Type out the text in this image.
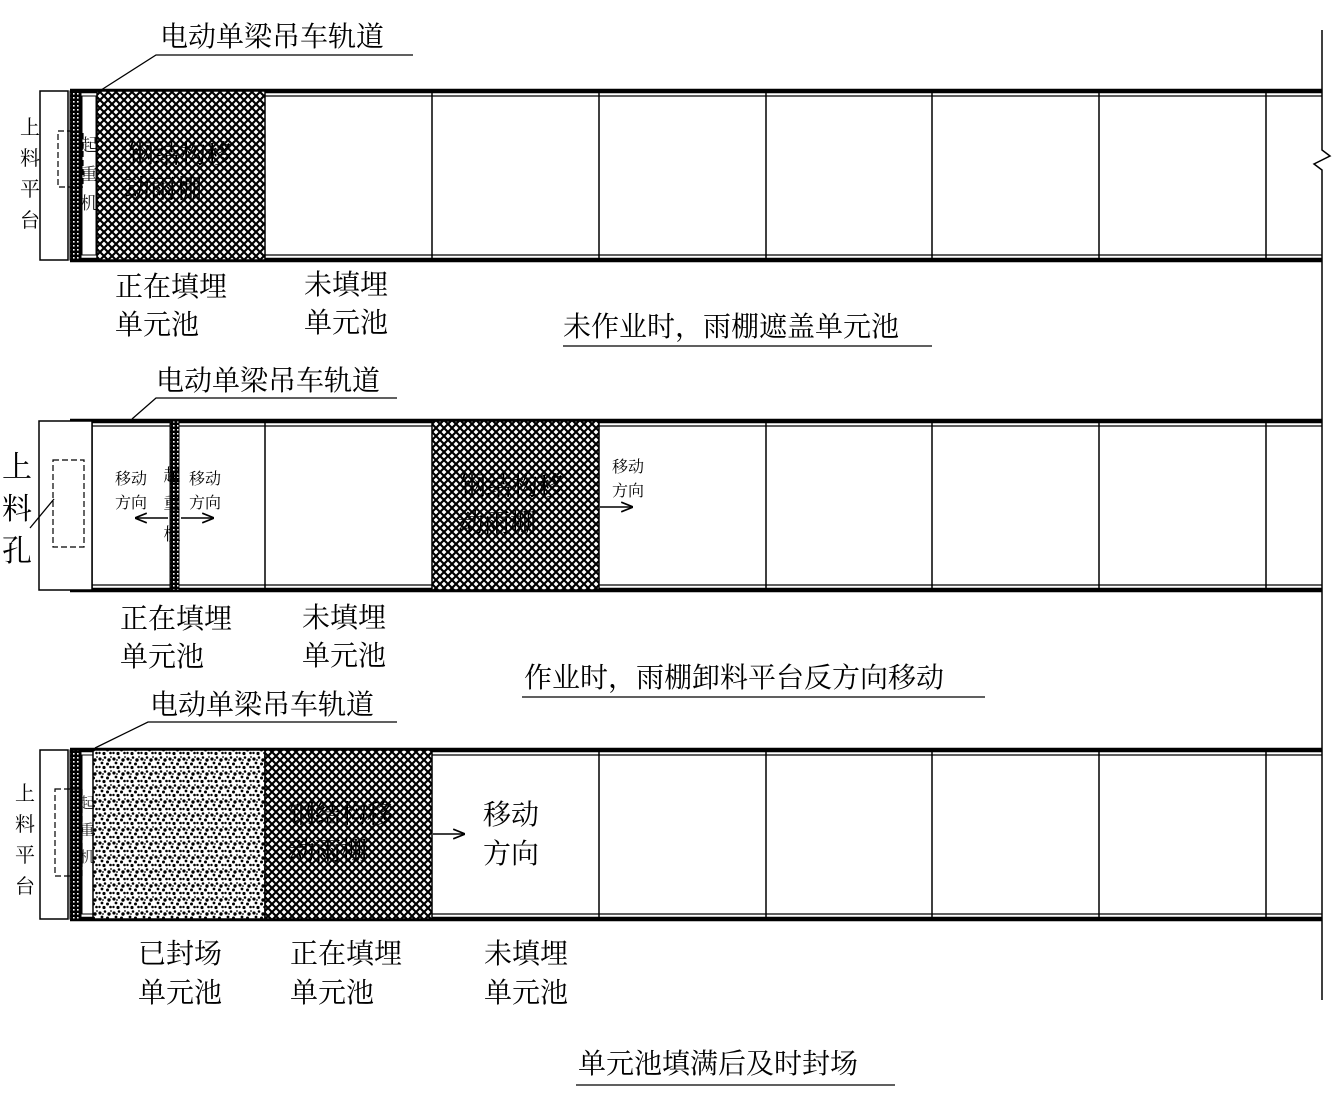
电动单梁吊车轨道
上
料
平
台
起
重
机
钢结构移
动雨棚
正在填埋
单元池
未填埋
单元池	未作业时，雨棚遮盖单元池
电动单梁吊车轨道
上
料
孔
起
重
机
移动
方向
移动
方向
钢结构移
动雨棚
移动
方向
正在填埋
单元池
未填埋
单元池
作业时，雨棚卸料平台反方向移动
电动单梁吊车轨道
上
料
平
台
起
重
机
钢结构移
动雨棚
移动
方向
已封场
单元池
正在填埋
单元池
未填埋
单元池
单元池填满后及时封场
